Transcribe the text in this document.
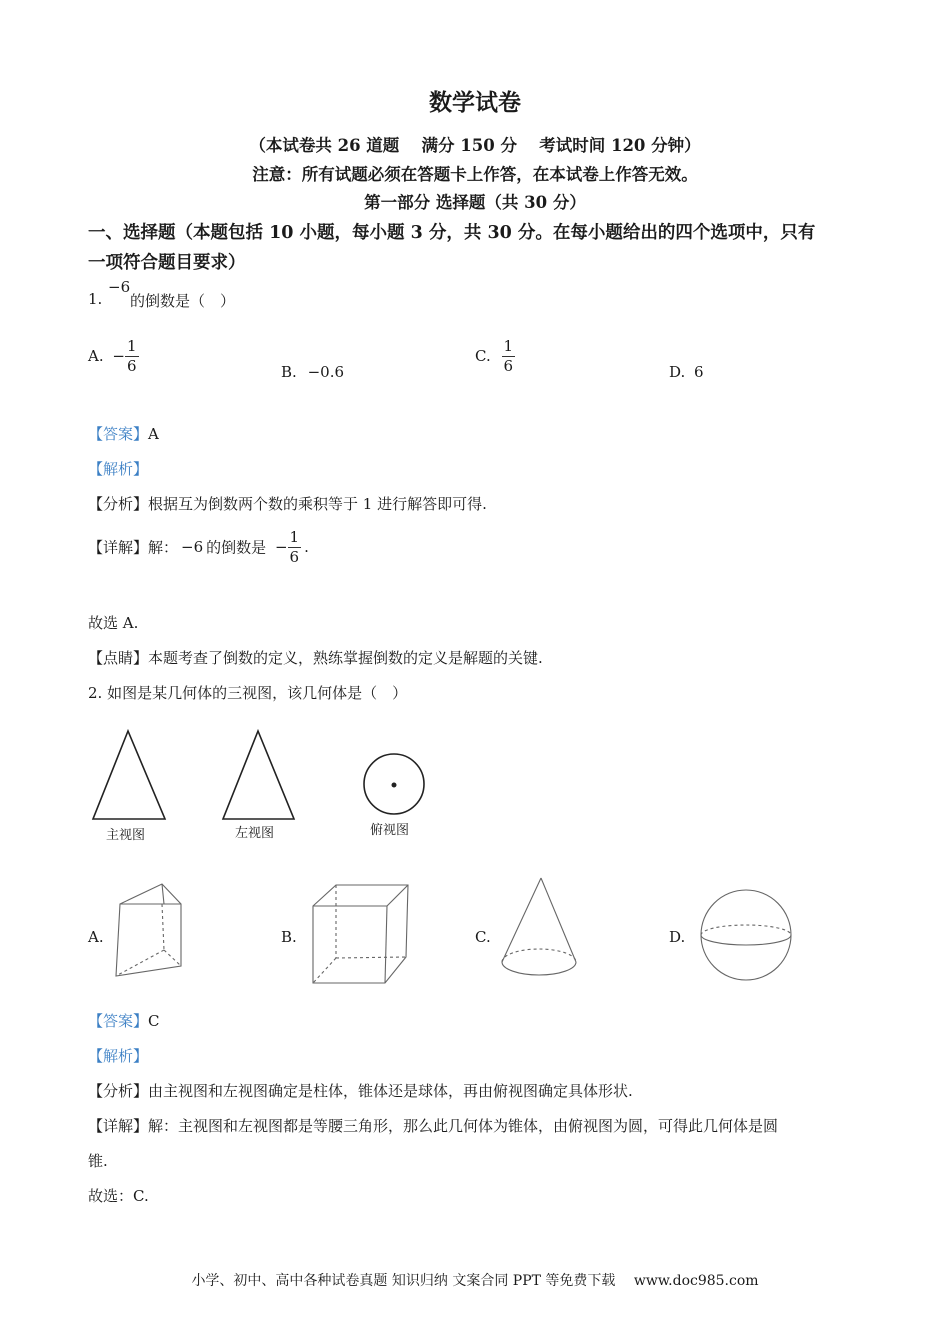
数学试卷
（本试卷共 26 道题　 满分 150 分　 考试时间 120 分钟）
注意：所有试题必须在答题卡上作答，在本试卷上作答无效。
第一部分 选择题（共 30 分）
一、选择题（本题包括 10 小题，每小题 3 分，共 30 分。在每小题给出的四个选项中，只有
一项符合题目要求）
1.
−6
的倒数是（　）
A. − $\frac{1}{6}$	B. −0.6
C. $\frac{1}{6}$	D. 6
【答案】A
【解析】
【分析】根据互为倒数两个数的乘积等于 1 进行解答即可得.
【详解】解： −6 的倒数是 − $\frac{1}{6}$ .
故选 A.
【点睛】本题考查了倒数的定义，熟练掌握倒数的定义是解题的关键.
2. 如图是某几何体的三视图，该几何体是（　）
主视图	左视图	俯视图
A.	B.	C.	D.
【答案】C
【解析】
【分析】由主视图和左视图确定是柱体，锥体还是球体，再由俯视图确定具体形状.
【详解】解：主视图和左视图都是等腰三角形，那么此几何体为锥体，由俯视图为圆，可得此几何体是圆
锥.
故选：C.
小学、初中、高中各种试卷真题 知识归纳 文案合同 PPT 等免费下载　 www.doc985.com
